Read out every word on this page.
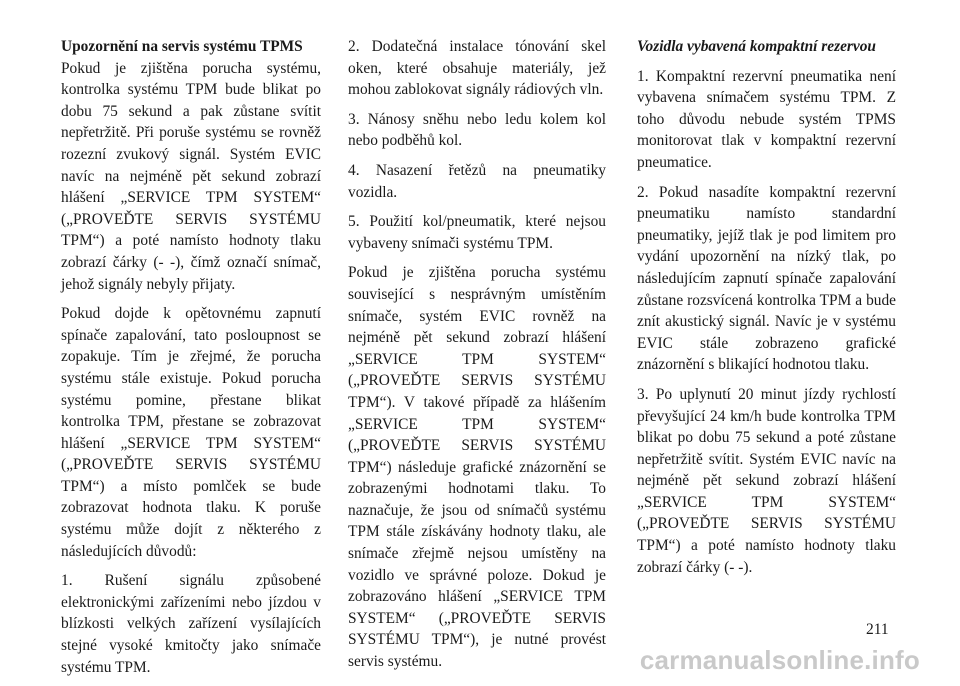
Upozornění na servis systému TPMS

Pokud je zjištěna porucha systému, kontrolka systému TPM bude blikat po dobu 75 sekund a pak zůstane svítit nepřetržitě. Při poruše systému se rovněž rozezní zvukový signál. Systém EVIC navíc na nejméně pět sekund zobrazí hlášení „SERVICE TPM SYSTEM“ („PROVEĎTE SERVIS SYSTÉMU TPM“) a poté namísto hodnoty tlaku zobrazí čárky (- -), čímž označí snímač, jehož signály nebyly přijaty.

Pokud dojde k opětovnému zapnutí spínače zapalování, tato posloupnost se zopakuje. Tím je zřejmé, že porucha systému stále existuje. Pokud porucha systému pomine, přestane blikat kontrolka TPM, přestane se zobrazovat hlášení „SERVICE TPM SYSTEM“ („PROVEĎTE SERVIS SYSTÉMU TPM“) a místo pomlček se bude zobrazovat hodnota tlaku. K poruše systému může dojít z některého z následujících důvodů:

1. Rušení signálu způsobené elektronickými zařízeními nebo jízdou v blízkosti velkých zařízení vysílajících stejné vysoké kmitočty jako snímače systému TPM.

2. Dodatečná instalace tónování skel oken, které obsahuje materiály, jež mohou zablokovat signály rádiových vln.

3. Nánosy sněhu nebo ledu kolem kol nebo podběhů kol.

4. Nasazení řetězů na pneumatiky vozidla.

5. Použití kol/pneumatik, které nejsou vybaveny snímači systému TPM.

Pokud je zjištěna porucha systému související s nesprávným umístěním snímače, systém EVIC rovněž na nejméně pět sekund zobrazí hlášení „SERVICE TPM SYSTEM“ („PROVEĎTE SERVIS SYSTÉMU TPM“). V takové případě za hlášením „SERVICE TPM SYSTEM“ („PROVEĎTE SERVIS SYSTÉMU TPM“) následuje grafické znázornění se zobrazenými hodnotami tlaku. To naznačuje, že jsou od snímačů systému TPM stále získávány hodnoty tlaku, ale snímače zřejmě nejsou umístěny na vozidlo ve správné poloze. Dokud je zobrazováno hlášení „SERVICE TPM SYSTEM“ („PROVEĎTE SERVIS SYSTÉMU TPM“), je nutné provést servis systému.

Vozidla vybavená kompaktní rezervou

1. Kompaktní rezervní pneumatika není vybavena snímačem systému TPM. Z toho důvodu nebude systém TPMS monitorovat tlak v kompaktní rezervní pneumatice.

2. Pokud nasadíte kompaktní rezervní pneumatiku namísto standardní pneumatiky, jejíž tlak je pod limitem pro vydání upozornění na nízký tlak, po následujícím zapnutí spínače zapalování zůstane rozsvícená kontrolka TPM a bude znít akustický signál. Navíc je v systému EVIC stále zobrazeno grafické znázornění s blikající hodnotou tlaku.

3. Po uplynutí 20 minut jízdy rychlostí převyšující 24 km/h bude kontrolka TPM blikat po dobu 75 sekund a poté zůstane nepřetržitě svítit. Systém EVIC navíc na nejméně pět sekund zobrazí hlášení „SERVICE TPM SYSTEM“ („PROVEĎTE SERVIS SYSTÉMU TPM“) a poté namísto hodnoty tlaku zobrazí čárky (- -).

211
carmanualsonline.info
